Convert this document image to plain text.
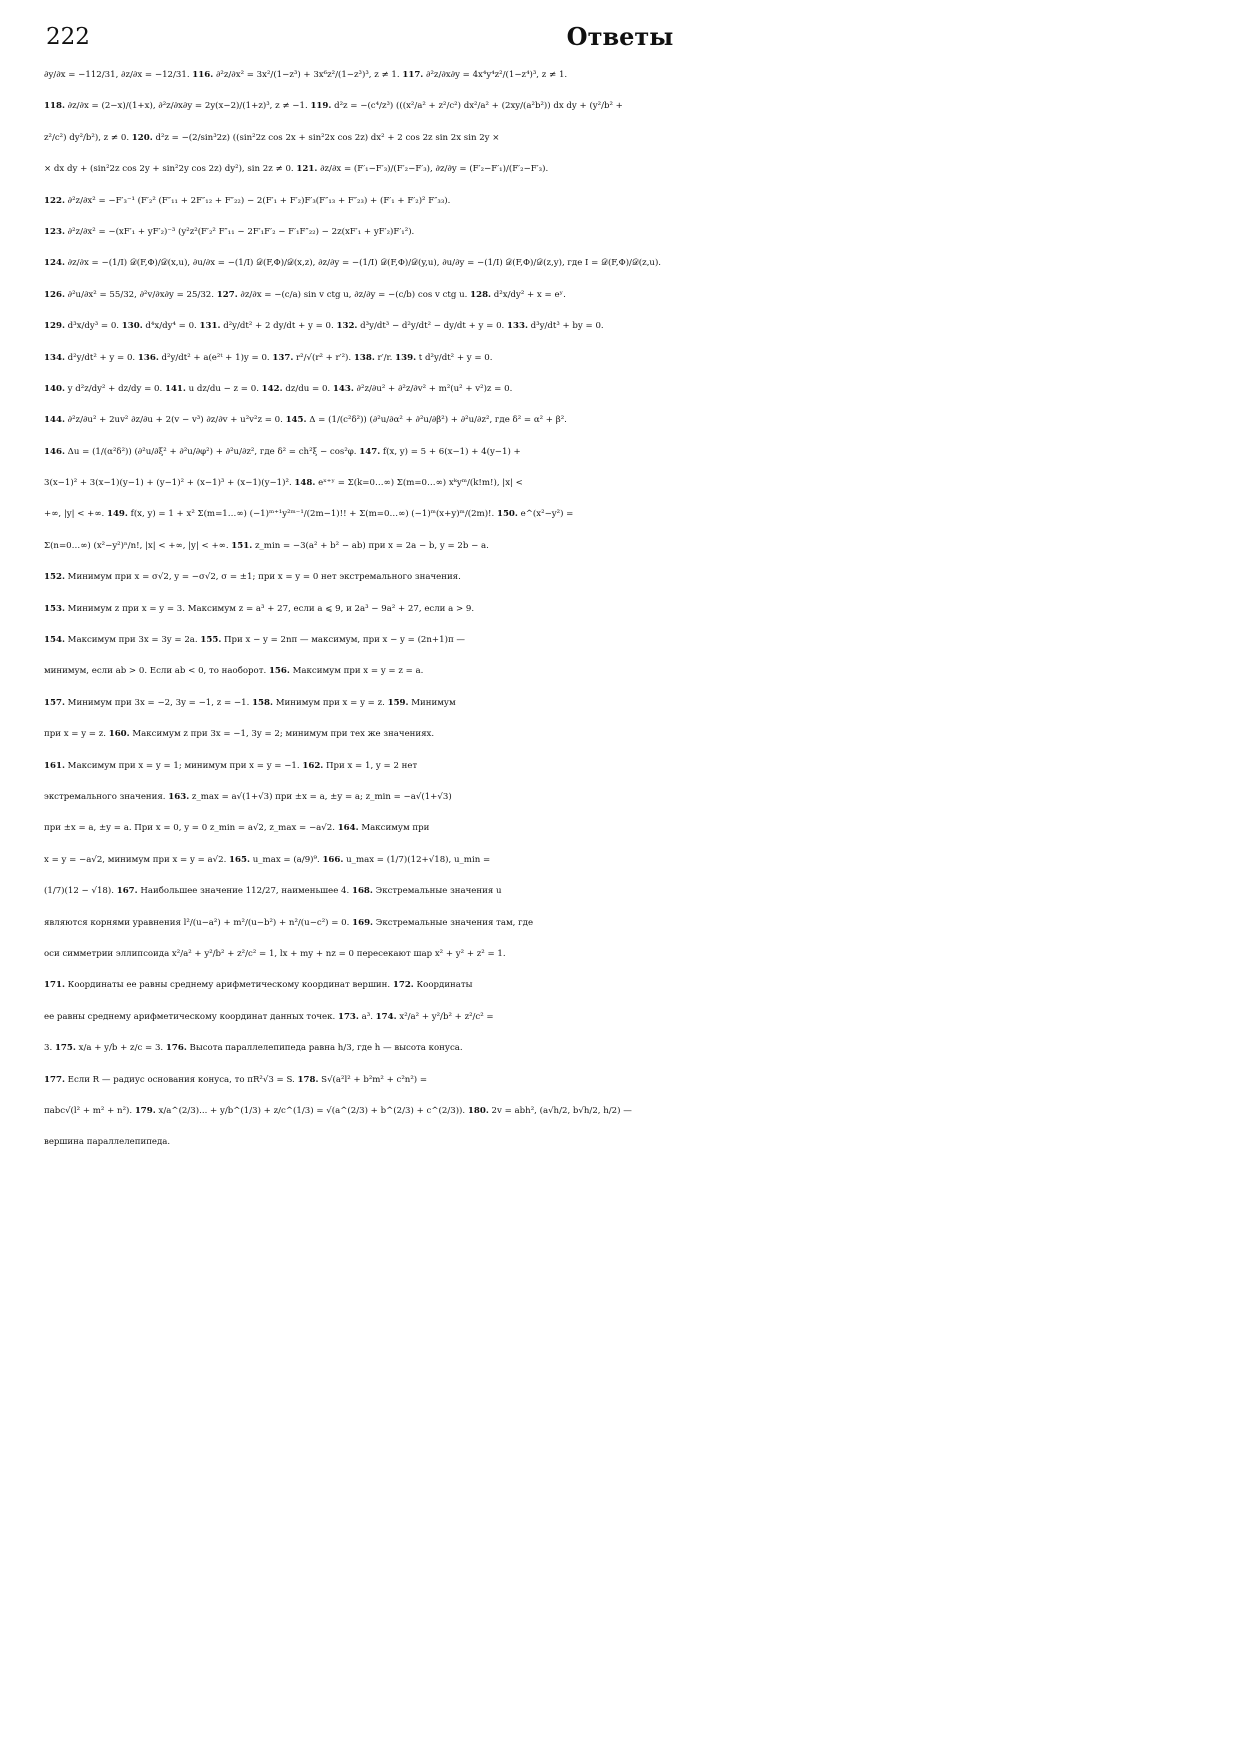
222	Ответы
∂y/∂x = −112/31, ∂z/∂x = −12/31. 116. ∂²z/∂x² = 3x²/(1−z³) + 3x⁶z²/(1−z³)³, z ≠ 1. 117. ∂²z/∂x∂y = 4x⁴y⁴z²/(1−z⁴)³, z ≠ 1.
118. ∂z/∂x = (2−x)/(1+x), ∂²z/∂x∂y = 2y(x−2)/(1+z)³, z ≠ −1. 119. d²z = −(c⁴/z³) (((x²/a² + z²/c²) dx²/a² + (2xy/(a²b²)) dx dy + (y²/b² +
z²/c²) dy²/b²), z ≠ 0. 120. d²z = −(2/sin³2z) ((sin²2z cos 2x + sin²2x cos 2z) dx² + 2 cos 2z sin 2x sin 2y ×
× dx dy + (sin²2z cos 2y + sin²2y cos 2z) dy²), sin 2z ≠ 0. 121. ∂z/∂x = (F′₁−F′₃)/(F′₂−F′₃), ∂z/∂y = (F′₂−F′₁)/(F′₂−F′₃).
122. ∂²z/∂x² = −F′₃⁻¹ (F′₂² (F″₁₁ + 2F″₁₂ + F″₂₂) − 2(F′₁ + F′₂)F′₃(F″₁₃ + F″₂₃) + (F′₁ + F′₂)² F″₃₃).
123. ∂²z/∂x² = −(xF′₁ + yF′₂)⁻³ (y²z²(F′₂² F″₁₁ − 2F′₁F′₂ − F′₁F″₂₂) − 2z(xF′₁ + yF′₂)F′₁²).
124. ∂z/∂x = −(1/I) 𝒟(F,Φ)/𝒟(x,u), ∂u/∂x = −(1/I) 𝒟(F,Φ)/𝒟(x,z), ∂z/∂y = −(1/I) 𝒟(F,Φ)/𝒟(y,u), ∂u/∂y = −(1/I) 𝒟(F,Φ)/𝒟(z,y), где I = 𝒟(F,Φ)/𝒟(z,u).
126. ∂²u/∂x² = 55/32, ∂²v/∂x∂y = 25/32. 127. ∂z/∂x = −(c/a) sin v ctg u, ∂z/∂y = −(c/b) cos v ctg u. 128. d²x/dy² + x = eʸ.
129. d³x/dy³ = 0. 130. d⁴x/dy⁴ = 0. 131. d²y/dt² + 2 dy/dt + y = 0. 132. d³y/dt³ − d²y/dt² − dy/dt + y = 0. 133. d³y/dt³ + by = 0.
134. d²y/dt² + y = 0. 136. d²y/dt² + a(e²ᵗ + 1)y = 0. 137. r²/√(r² + r′²). 138. r′/r. 139. t d²y/dt² + y = 0.
140. y d²z/dy² + dz/dy = 0. 141. u dz/du − z = 0. 142. dz/du = 0. 143. ∂²z/∂u² + ∂²z/∂v² + m²(u² + v²)z = 0.
144. ∂²z/∂u² + 2uv² ∂z/∂u + 2(v − v³) ∂z/∂v + u²v²z = 0. 145. Δ = (1/(c²δ²)) (∂²u/∂α² + ∂²u/∂β²) + ∂²u/∂z², где δ² = α² + β².
146. Δu = (1/(α²δ²)) (∂²u/∂ξ² + ∂²u/∂φ²) + ∂²u/∂z², где δ² = ch²ξ − cos²φ. 147. f(x, y) = 5 + 6(x−1) + 4(y−1) +
3(x−1)² + 3(x−1)(y−1) + (y−1)² + (x−1)³ + (x−1)(y−1)². 148. eˣ⁺ʸ = Σ(k=0…∞) Σ(m=0…∞) xᵏyᵐ/(k!m!), |x| <
+∞, |y| < +∞. 149. f(x, y) = 1 + x² Σ(m=1…∞) (−1)ᵐ⁺¹y²ᵐ⁻¹/(2m−1)!! + Σ(m=0…∞) (−1)ᵐ(x+y)ᵐ/(2m)!. 150. e^(x²−y²) =
Σ(n=0…∞) (x²−y²)ⁿ/n!, |x| < +∞, |y| < +∞. 151. z_min = −3(a² + b² − ab) при x = 2a − b, y = 2b − a.
152. Минимум при x = σ√2, y = −σ√2, σ = ±1; при x = y = 0 нет экстремального значения.
153. Минимум z при x = y = 3. Максимум z = a³ + 27, если a ⩽ 9, и 2a³ − 9a² + 27, если a > 9.
154. Максимум при 3x = 3y = 2a. 155. При x − y = 2nπ — максимум, при x − y = (2n+1)π —
минимум, если ab > 0. Если ab < 0, то наоборот. 156. Максимум при x = y = z = a.
157. Минимум при 3x = −2, 3y = −1, z = −1. 158. Минимум при x = y = z. 159. Минимум
при x = y = z. 160. Максимум z при 3x = −1, 3y = 2; минимум при тех же значениях.
161. Максимум при x = y = 1; минимум при x = y = −1. 162. При x = 1, y = 2 нет
экстремального значения. 163. z_max = a√(1+√3) при ±x = a, ±y = a; z_min = −a√(1+√3)
при ±x = a, ±y = a. При x = 0, y = 0 z_min = a√2, z_max = −a√2. 164. Максимум при
x = y = −a√2, минимум при x = y = a√2. 165. u_max = (a/9)⁹. 166. u_max = (1/7)(12+√18), u_min =
(1/7)(12 − √18). 167. Наибольшее значение 112/27, наименьшее 4. 168. Экстремальные значения u
являются корнями уравнения l²/(u−a²) + m²/(u−b²) + n²/(u−c²) = 0. 169. Экстремальные значения там, где
оси симметрии эллипсоида x²/a² + y²/b² + z²/c² = 1, lx + my + nz = 0 пересекают шар x² + y² + z² = 1.
171. Координаты ее равны среднему арифметическому координат вершин. 172. Координаты
ее равны среднему арифметическому координат данных точек. 173. a³. 174. x²/a² + y²/b² + z²/c² =
3. 175. x/a + y/b + z/c = 3. 176. Высота параллелепипеда равна h/3, где h — высота конуса.
177. Если R — радиус основания конуса, то πR²√3 = S. 178. S√(a²l² + b²m² + c²n²) =
πabc√(l² + m² + n²). 179. x/a^(2/3)... + y/b^(1/3) + z/c^(1/3) = √(a^(2/3) + b^(2/3) + c^(2/3)). 180. 2v = abh², (a√h/2, b√h/2, h/2) —
вершина параллелепипеда.
